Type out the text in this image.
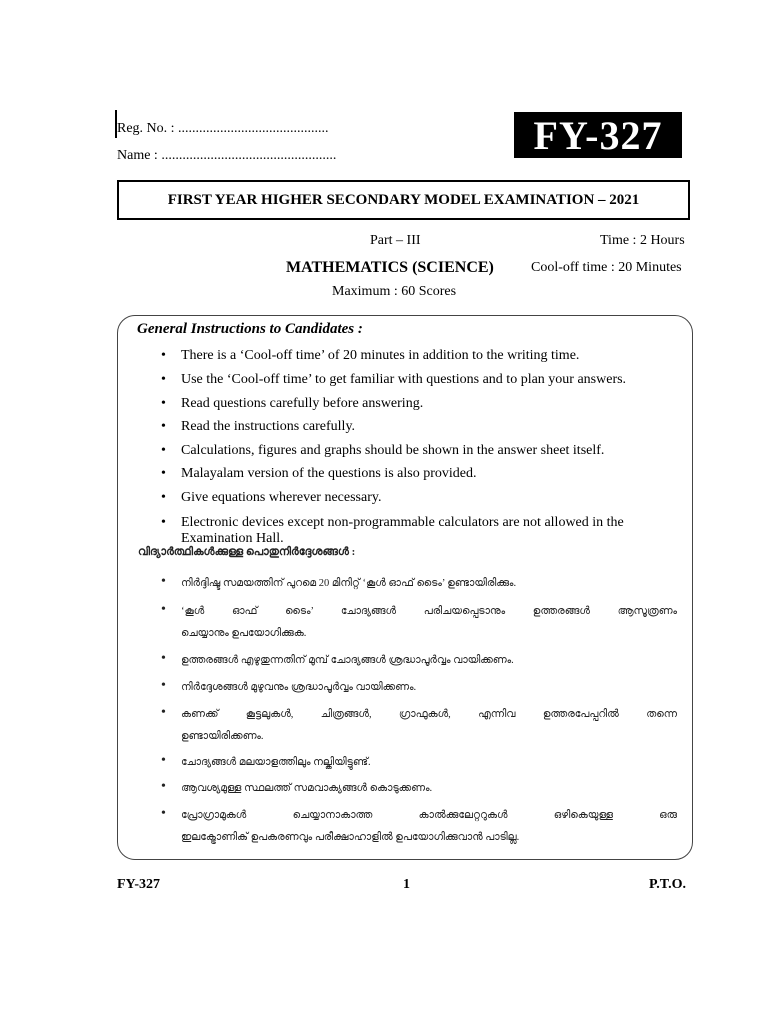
Reg. No. : ...........................................
Name : ..................................................	FY-327
FIRST YEAR HIGHER SECONDARY MODEL EXAMINATION – 2021
Part – III	Time : 2 Hours
MATHEMATICS (SCIENCE)	Cool-off time : 20 Minutes
Maximum : 60 Scores
General Instructions to Candidates :
• There is a ‘Cool-off time’ of 20 minutes in addition to the writing time.
• Use the ‘Cool-off time’ to get familiar with questions and to plan your answers.
• Read questions carefully before answering.
• Read the instructions carefully.
• Calculations, figures and graphs should be shown in the answer sheet itself.
• Malayalam version of the questions is also provided.
• Give equations wherever necessary.
• Electronic devices except non-programmable calculators are not allowed in the
Examination Hall.
വിദ്യാർത്ഥികൾക്കുള്ള പൊതുനിർദ്ദേശങ്ങൾ :
• നിർദ്ദിഷ്ട സമയത്തിന് പുറമെ 20 മിനിറ്റ് ‘കൂൾ ഓഫ് ടൈം’ ഉണ്ടായിരിക്കും.
• ‘കൂൾ ഓഫ് ടൈം’ ചോദ്യങ്ങൾ പരിചയപ്പെടാനും ഉത്തരങ്ങൾ ആസൂത്രണം
ചെയ്യാനും ഉപയോഗിക്കുക.
• ഉത്തരങ്ങൾ എഴുതുന്നതിന് മുമ്പ് ചോദ്യങ്ങൾ ശ്രദ്ധാപൂർവ്വം വായിക്കണം.
• നിർദ്ദേശങ്ങൾ മുഴുവനും ശ്രദ്ധാപൂർവ്വം വായിക്കണം.
• കണക്ക് കൂട്ടലുകൾ, ചിത്രങ്ങൾ, ഗ്രാഫുകൾ, എന്നിവ ഉത്തരപേപ്പറിൽ തന്നെ
ഉണ്ടായിരിക്കണം.
• ചോദ്യങ്ങൾ മലയാളത്തിലും നല്കിയിട്ടുണ്ട്.
• ആവശ്യമുള്ള സ്ഥലത്ത് സമവാക്യങ്ങൾ കൊടുക്കണം.
• പ്രോഗ്രാമുകൾ ചെയ്യാനാകാത്ത കാൽക്കുലേറ്ററുകൾ ഒഴികെയുള്ള ഒരു
ഇലക്ട്രോണിക് ഉപകരണവും പരീക്ഷാഹാളിൽ ഉപയോഗിക്കുവാൻ പാടില്ല.
FY-327	1	P.T.O.
